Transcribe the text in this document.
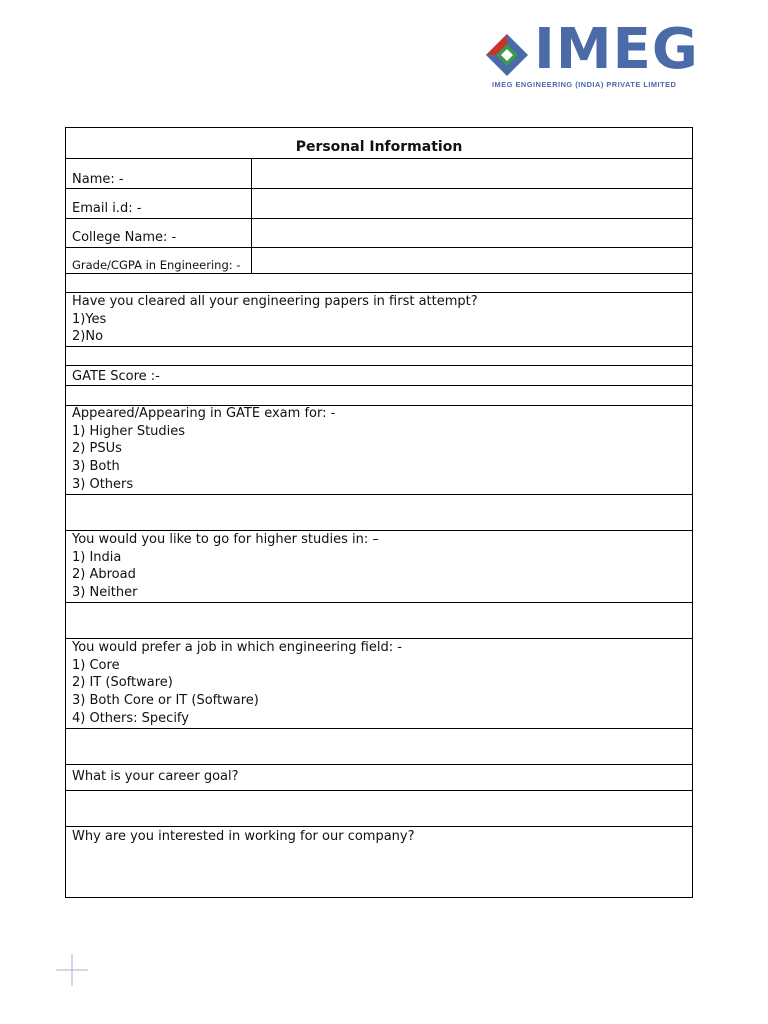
IMEG
IMEG ENGINEERING (INDIA) PRIVATE LIMITED
Personal Information
Name: -
Email i.d: -
College Name: -
Grade/CGPA in Engineering: -
Have you cleared all your engineering papers in first attempt?
1)Yes
2)No
GATE Score :-
Appeared/Appearing in GATE exam for: -
1) Higher Studies
2) PSUs
3) Both
3) Others
You would you like to go for higher studies in: –
1) India
2) Abroad
3) Neither
You would prefer a job in which engineering field: -
1) Core
2) IT (Software)
3) Both Core or IT (Software)
4) Others: Specify
What is your career goal?
Why are you interested in working for our company?
